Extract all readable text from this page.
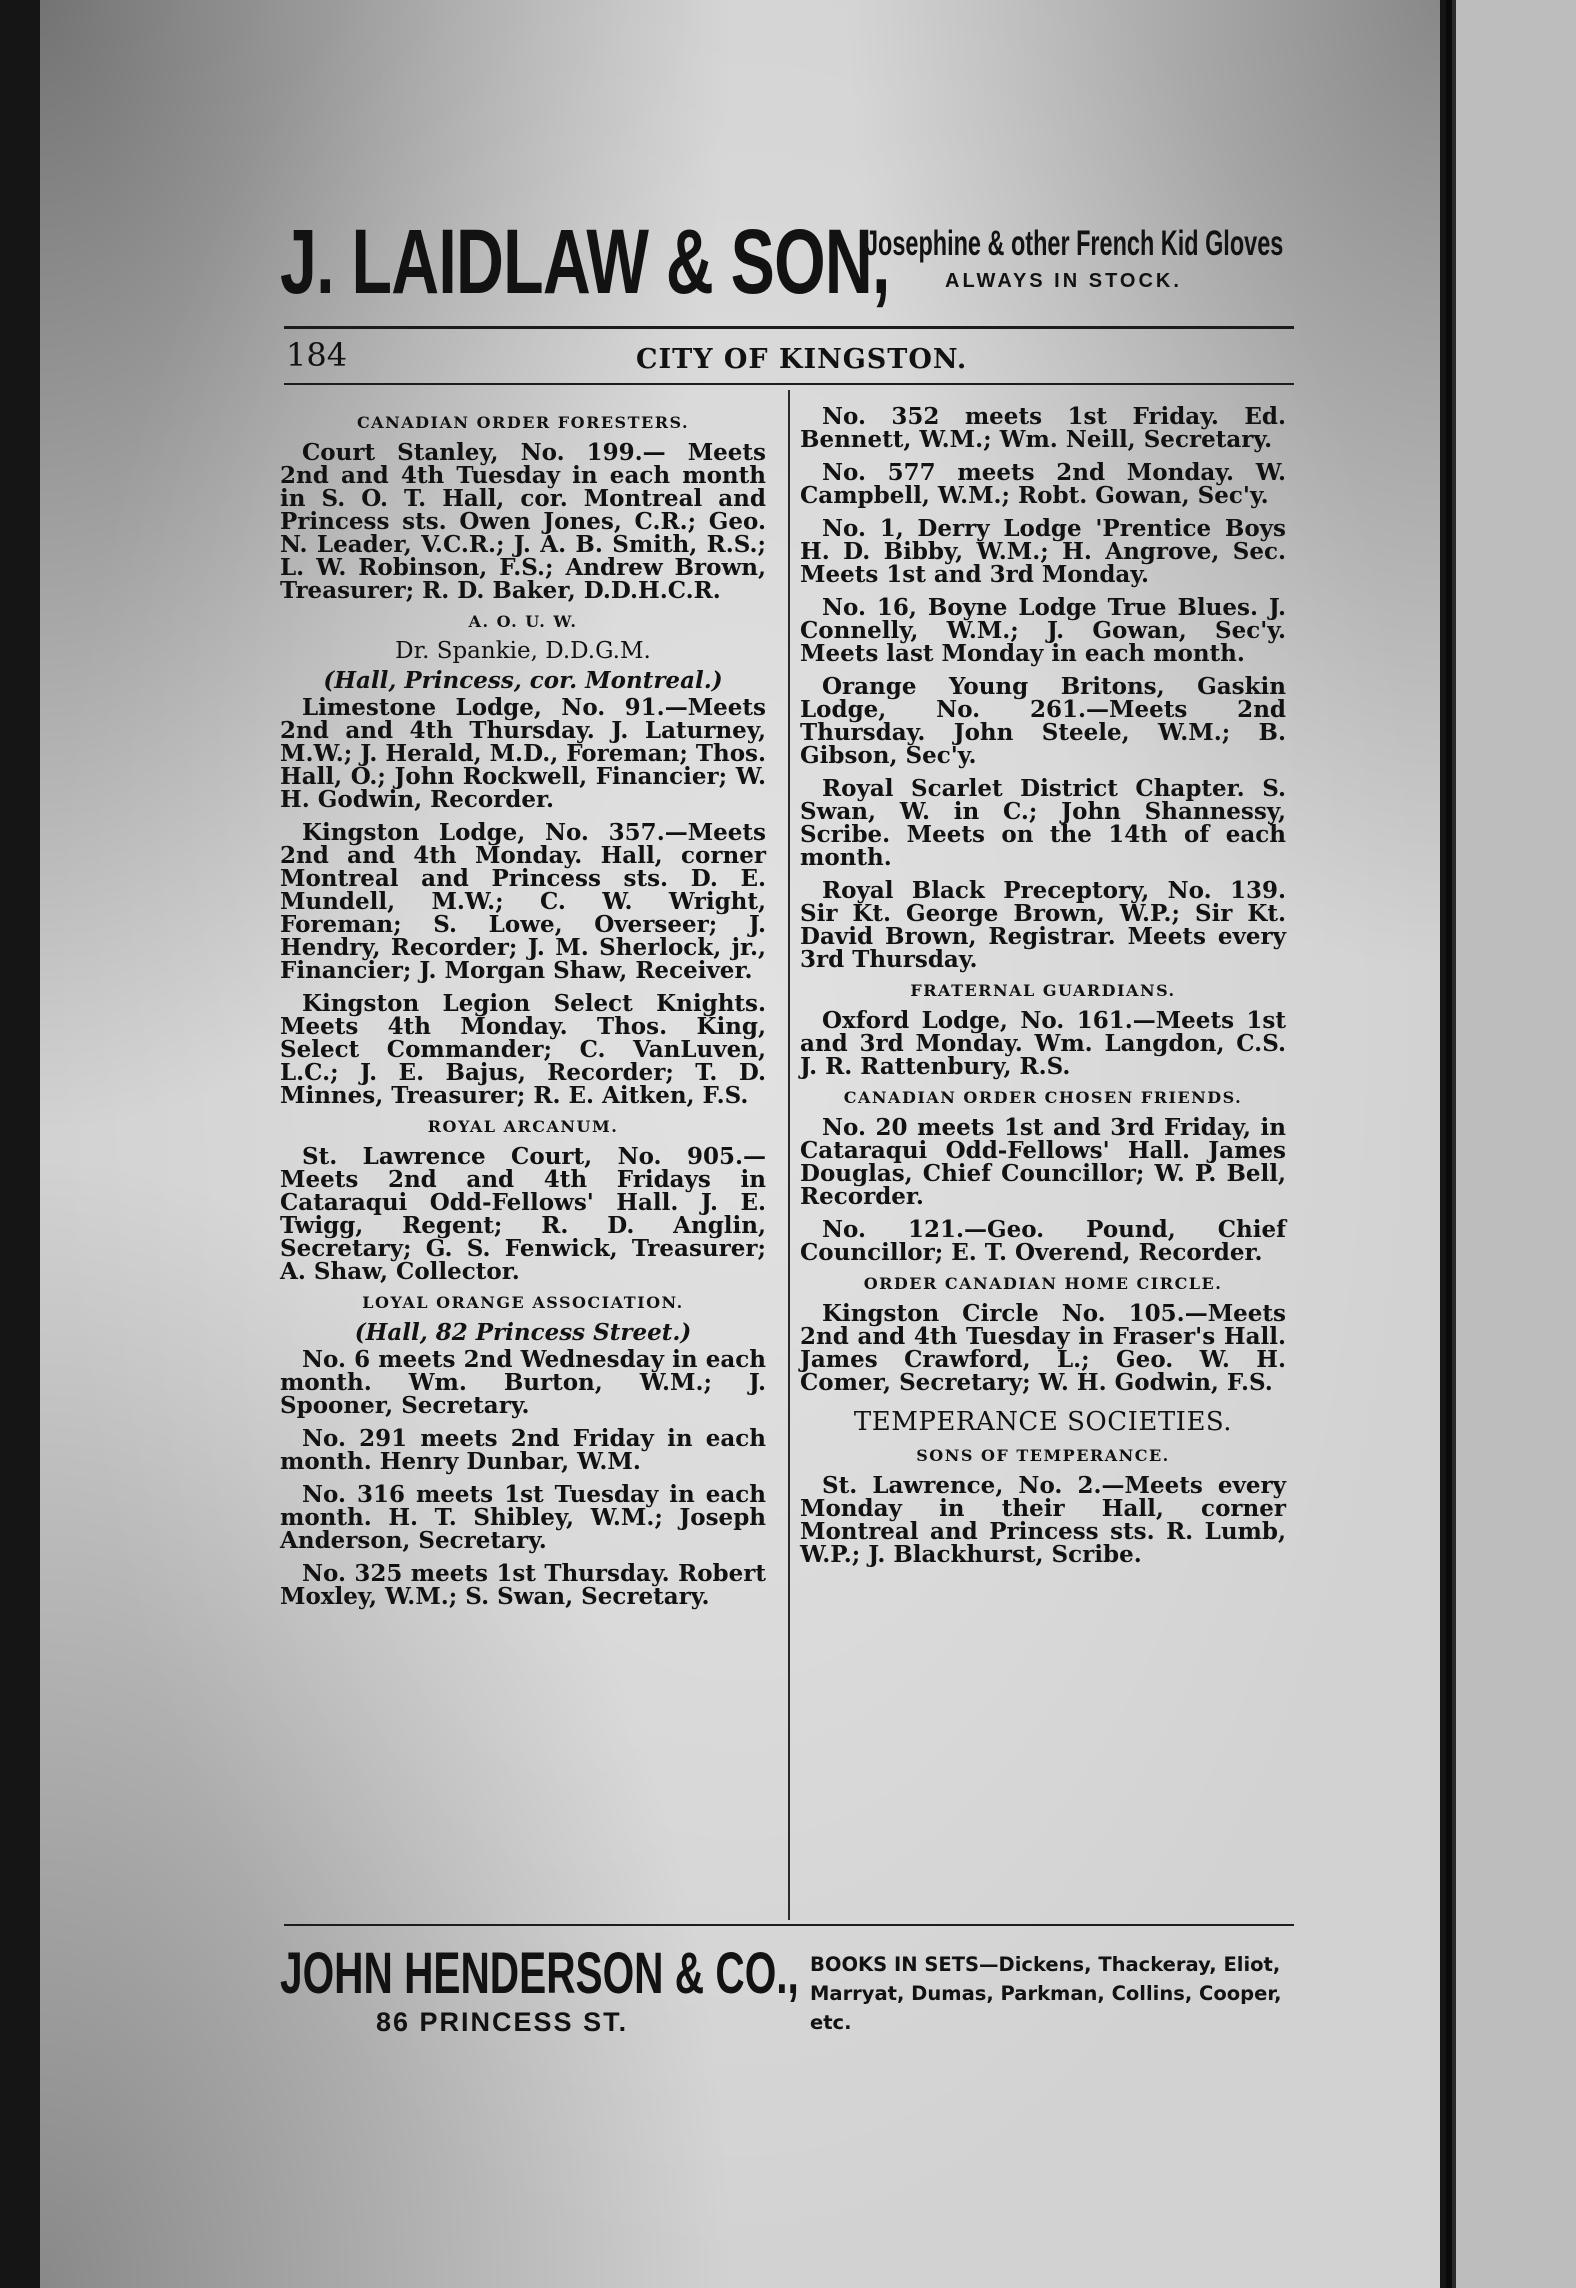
J. LAIDLAW & SON,
Josephine & other French Kid Gloves
ALWAYS IN STOCK.
184	CITY OF KINGSTON.
CANADIAN ORDER FORESTERS.

Court Stanley, No. 199.— Meets 2nd and 4th Tuesday in each month in S. O. T. Hall, cor. Montreal and Princess sts. Owen Jones, C.R.; Geo. N. Leader, V.C.R.; J. A. B. Smith, R.S.; L. W. Robinson, F.S.; Andrew Brown, Treasurer; R. D. Baker, D.D.H.C.R.

A. O. U. W.
Dr. Spankie, D.D.G.M.
(Hall, Princess, cor. Montreal.)

Limestone Lodge, No. 91.—Meets 2nd and 4th Thursday. J. Laturney, M.W.; J. Herald, M.D., Foreman; Thos. Hall, O.; John Rockwell, Financier; W. H. Godwin, Recorder.

Kingston Lodge, No. 357.—Meets 2nd and 4th Monday. Hall, corner Montreal and Princess sts. D. E. Mundell, M.W.; C. W. Wright, Foreman; S. Lowe, Overseer; J. Hendry, Recorder; J. M. Sherlock, jr., Financier; J. Morgan Shaw, Receiver.

Kingston Legion Select Knights. Meets 4th Monday. Thos. King, Select Commander; C. VanLuven, L.C.; J. E. Bajus, Recorder; T. D. Minnes, Treasurer; R. E. Aitken, F.S.

ROYAL ARCANUM.

St. Lawrence Court, No. 905.— Meets 2nd and 4th Fridays in Cataraqui Odd-Fellows' Hall. J. E. Twigg, Regent; R. D. Anglin, Secretary; G. S. Fenwick, Treasurer; A. Shaw, Collector.

LOYAL ORANGE ASSOCIATION.
(Hall, 82 Princess Street.)

No. 6 meets 2nd Wednesday in each month. Wm. Burton, W.M.; J. Spooner, Secretary.

No. 291 meets 2nd Friday in each month. Henry Dunbar, W.M.

No. 316 meets 1st Tuesday in each month. H. T. Shibley, W.M.; Joseph Anderson, Secretary.

No. 325 meets 1st Thursday. Robert Moxley, W.M.; S. Swan, Secretary.

No. 352 meets 1st Friday. Ed. Bennett, W.M.; Wm. Neill, Secretary.

No. 577 meets 2nd Monday. W. Campbell, W.M.; Robt. Gowan, Sec'y.

No. 1, Derry Lodge 'Prentice Boys H. D. Bibby, W.M.; H. Angrove, Sec. Meets 1st and 3rd Monday.

No. 16, Boyne Lodge True Blues. J. Connelly, W.M.; J. Gowan, Sec'y. Meets last Monday in each month.

Orange Young Britons, Gaskin Lodge, No. 261.—Meets 2nd Thursday. John Steele, W.M.; B. Gibson, Sec'y.

Royal Scarlet District Chapter. S. Swan, W. in C.; John Shannessy, Scribe. Meets on the 14th of each month.

Royal Black Preceptory, No. 139. Sir Kt. George Brown, W.P.; Sir Kt. David Brown, Registrar. Meets every 3rd Thursday.

FRATERNAL GUARDIANS.

Oxford Lodge, No. 161.—Meets 1st and 3rd Monday. Wm. Langdon, C.S. J. R. Rattenbury, R.S.

CANADIAN ORDER CHOSEN FRIENDS.

No. 20 meets 1st and 3rd Friday, in Cataraqui Odd-Fellows' Hall. James Douglas, Chief Councillor; W. P. Bell, Recorder.

No. 121.—Geo. Pound, Chief Councillor; E. T. Overend, Recorder.

ORDER CANADIAN HOME CIRCLE.

Kingston Circle No. 105.—Meets 2nd and 4th Tuesday in Fraser's Hall. James Crawford, L.; Geo. W. H. Comer, Secretary; W. H. Godwin, F.S.

TEMPERANCE SOCIETIES.
SONS OF TEMPERANCE.

St. Lawrence, No. 2.—Meets every Monday in their Hall, corner Montreal and Princess sts. R. Lumb, W.P.; J. Blackhurst, Scribe.

JOHN HENDERSON & CO.,
86 PRINCESS ST.
BOOKS IN SETS—Dickens, Thackeray, Eliot, Marryat, Dumas, Parkman, Collins, Cooper, etc.
